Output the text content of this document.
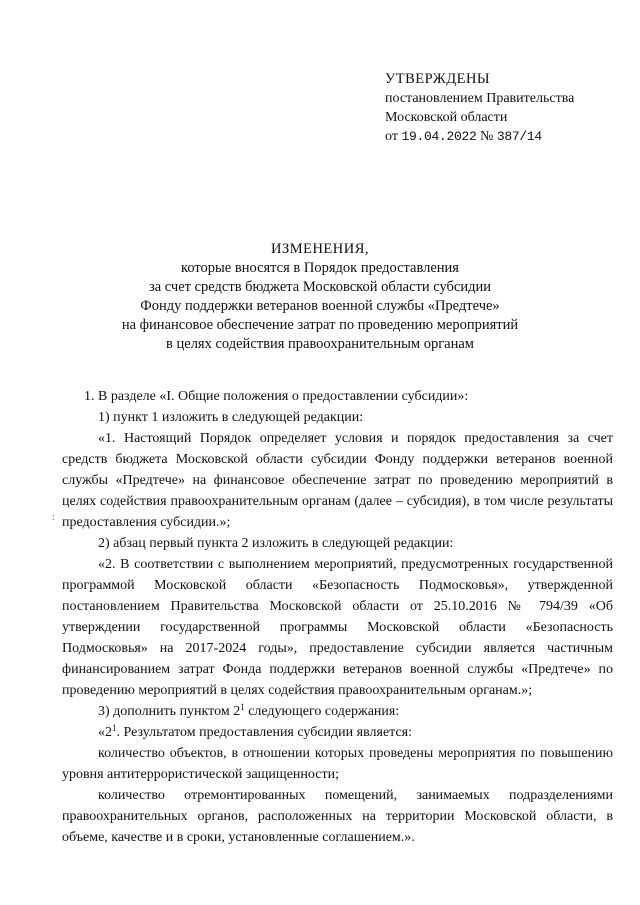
УТВЕРЖДЕНЫ
постановлением Правительства
Московской области
от 19.04.2022 № 387/14
ИЗМЕНЕНИЯ,
которые вносятся в Порядок предоставления
за счет средств бюджета Московской области субсидии
Фонду поддержки ветеранов военной службы «Предтече»
на финансовое обеспечение затрат по проведению мероприятий
в целях содействия правоохранительным органам
:

1. В разделе «I. Общие положения о предоставлении субсидии»:

1) пункт 1 изложить в следующей редакции:

«1. Настоящий Порядок определяет условия и порядок предоставления за счет средств бюджета Московской области субсидии Фонду поддержки ветеранов военной службы «Предтече» на финансовое обеспечение затрат по проведению мероприятий в целях содействия правоохранительным органам (далее – субсидия), в том числе результаты предоставления субсидии.»;

2) абзац первый пункта 2 изложить в следующей редакции:

«2. В соответствии с выполнением мероприятий, предусмотренных государственной программой Московской области «Безопасность Подмосковья», утвержденной постановлением Правительства Московской области от 25.10.2016 № 794/39 «Об утверждении государственной программы Московской области «Безопасность Подмосковья» на 2017-2024 годы», предоставление субсидии является частичным финансированием затрат Фонда поддержки ветеранов военной службы «Предтече» по проведению мероприятий в целях содействия правоохранительным органам.»;

3) дополнить пунктом $2^1$ следующего содержания:

«$2^1$. Результатом предоставления субсидии является:

количество объектов, в отношении которых проведены мероприятия по повышению уровня антитеррористической защищенности;

количество отремонтированных помещений, занимаемых подразделениями правоохранительных органов, расположенных на территории Московской области, в объеме, качестве и в сроки, установленные соглашением.».
